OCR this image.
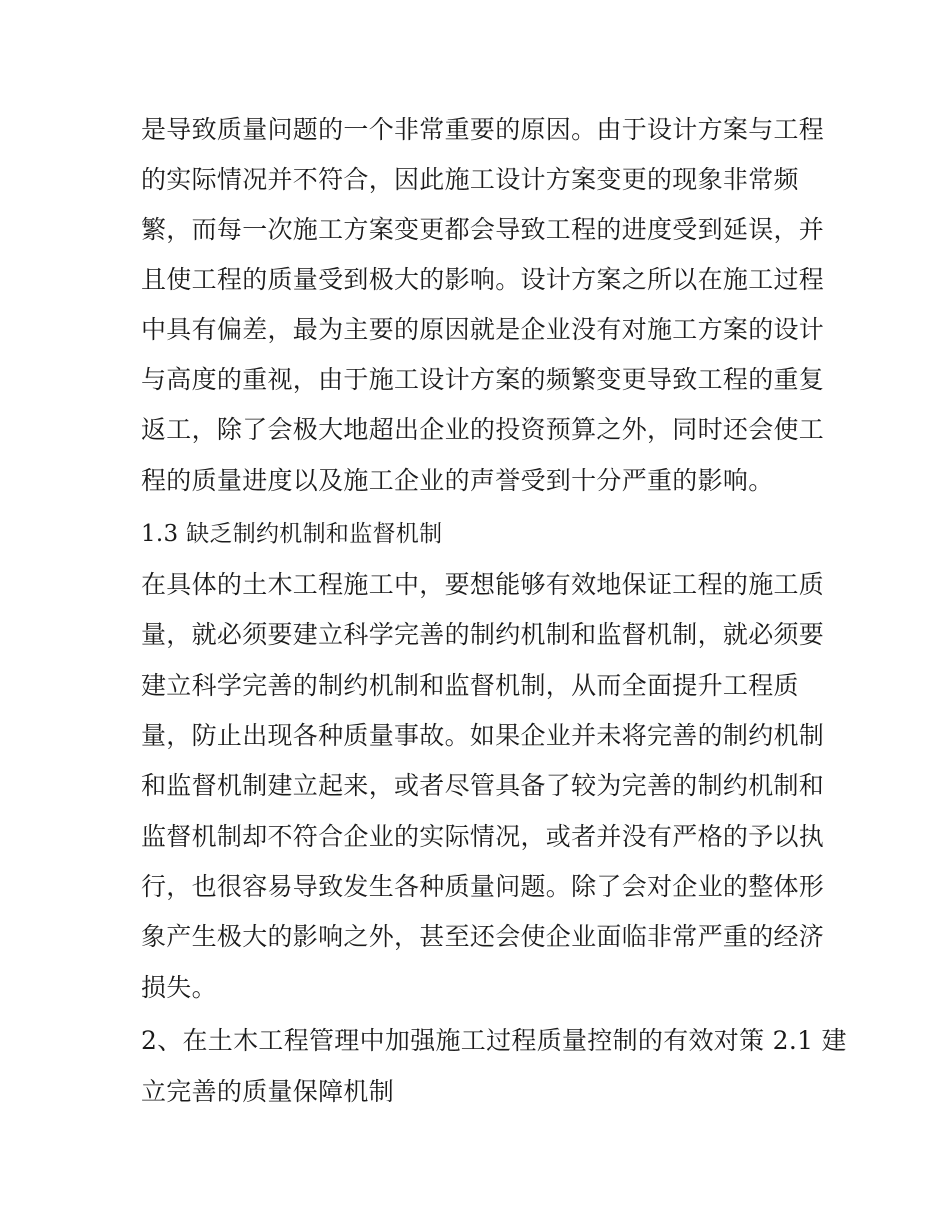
是导致质量问题的一个非常重要的原因。由于设计方案与工程
的实际情况并不符合，因此施工设计方案变更的现象非常频
繁，而每一次施工方案变更都会导致工程的进度受到延误，并
且使工程的质量受到极大的影响。设计方案之所以在施工过程
中具有偏差，最为主要的原因就是企业没有对施工方案的设计
与高度的重视，由于施工设计方案的频繁变更导致工程的重复
返工，除了会极大地超出企业的投资预算之外，同时还会使工
程的质量进度以及施工企业的声誉受到十分严重的影响。
1.3 缺乏制约机制和监督机制
在具体的土木工程施工中，要想能够有效地保证工程的施工质
量，就必须要建立科学完善的制约机制和监督机制，就必须要
建立科学完善的制约机制和监督机制，从而全面提升工程质
量，防止出现各种质量事故。如果企业并未将完善的制约机制
和监督机制建立起来，或者尽管具备了较为完善的制约机制和
监督机制却不符合企业的实际情况，或者并没有严格的予以执
行，也很容易导致发生各种质量问题。除了会对企业的整体形
象产生极大的影响之外，甚至还会使企业面临非常严重的经济
损失。
2、在土木工程管理中加强施工过程质量控制的有效对策 2.1 建
立完善的质量保障机制
